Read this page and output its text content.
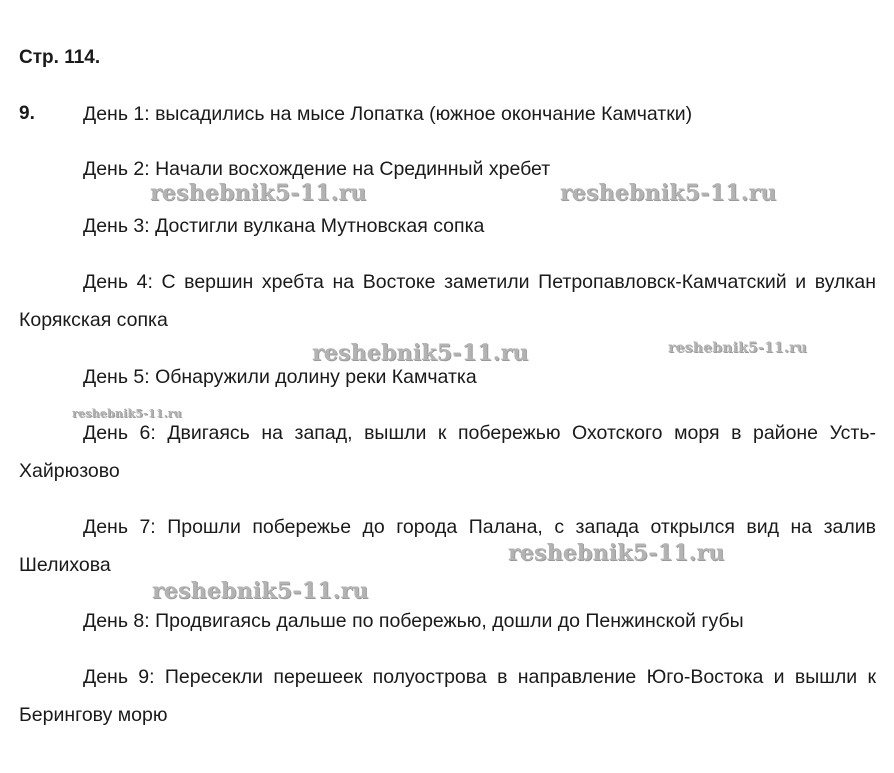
Стр. 114.
9.	День 1: высадились на мысе Лопатка (южное окончание Камчатки)

День 2: Начали восхождение на Срединный хребет

День 3: Достигли вулкана Мутновская сопка

День 4: С вершин хребта на Востоке заметили Петропавловск-Камчатский и вулкан Корякская сопка

День 5: Обнаружили долину реки Камчатка

День 6: Двигаясь на запад, вышли к побережью Охотского моря в районе Усть-Хайрюзово

День 7: Прошли побережье до города Палана, с запада открылся вид на залив Шелихова

День 8: Продвигаясь дальше по побережью, дошли до Пенжинской губы

День 9: Пересекли перешеек полуострова в направление Юго-Востока и вышли к Берингову морю

reshebnik5-11.ru	reshebnik5-11.ru
reshebnik5-11.ru	reshebnik5-11.ru
reshebnik5-11.ru
reshebnik5-11.ru
reshebnik5-11.ru
